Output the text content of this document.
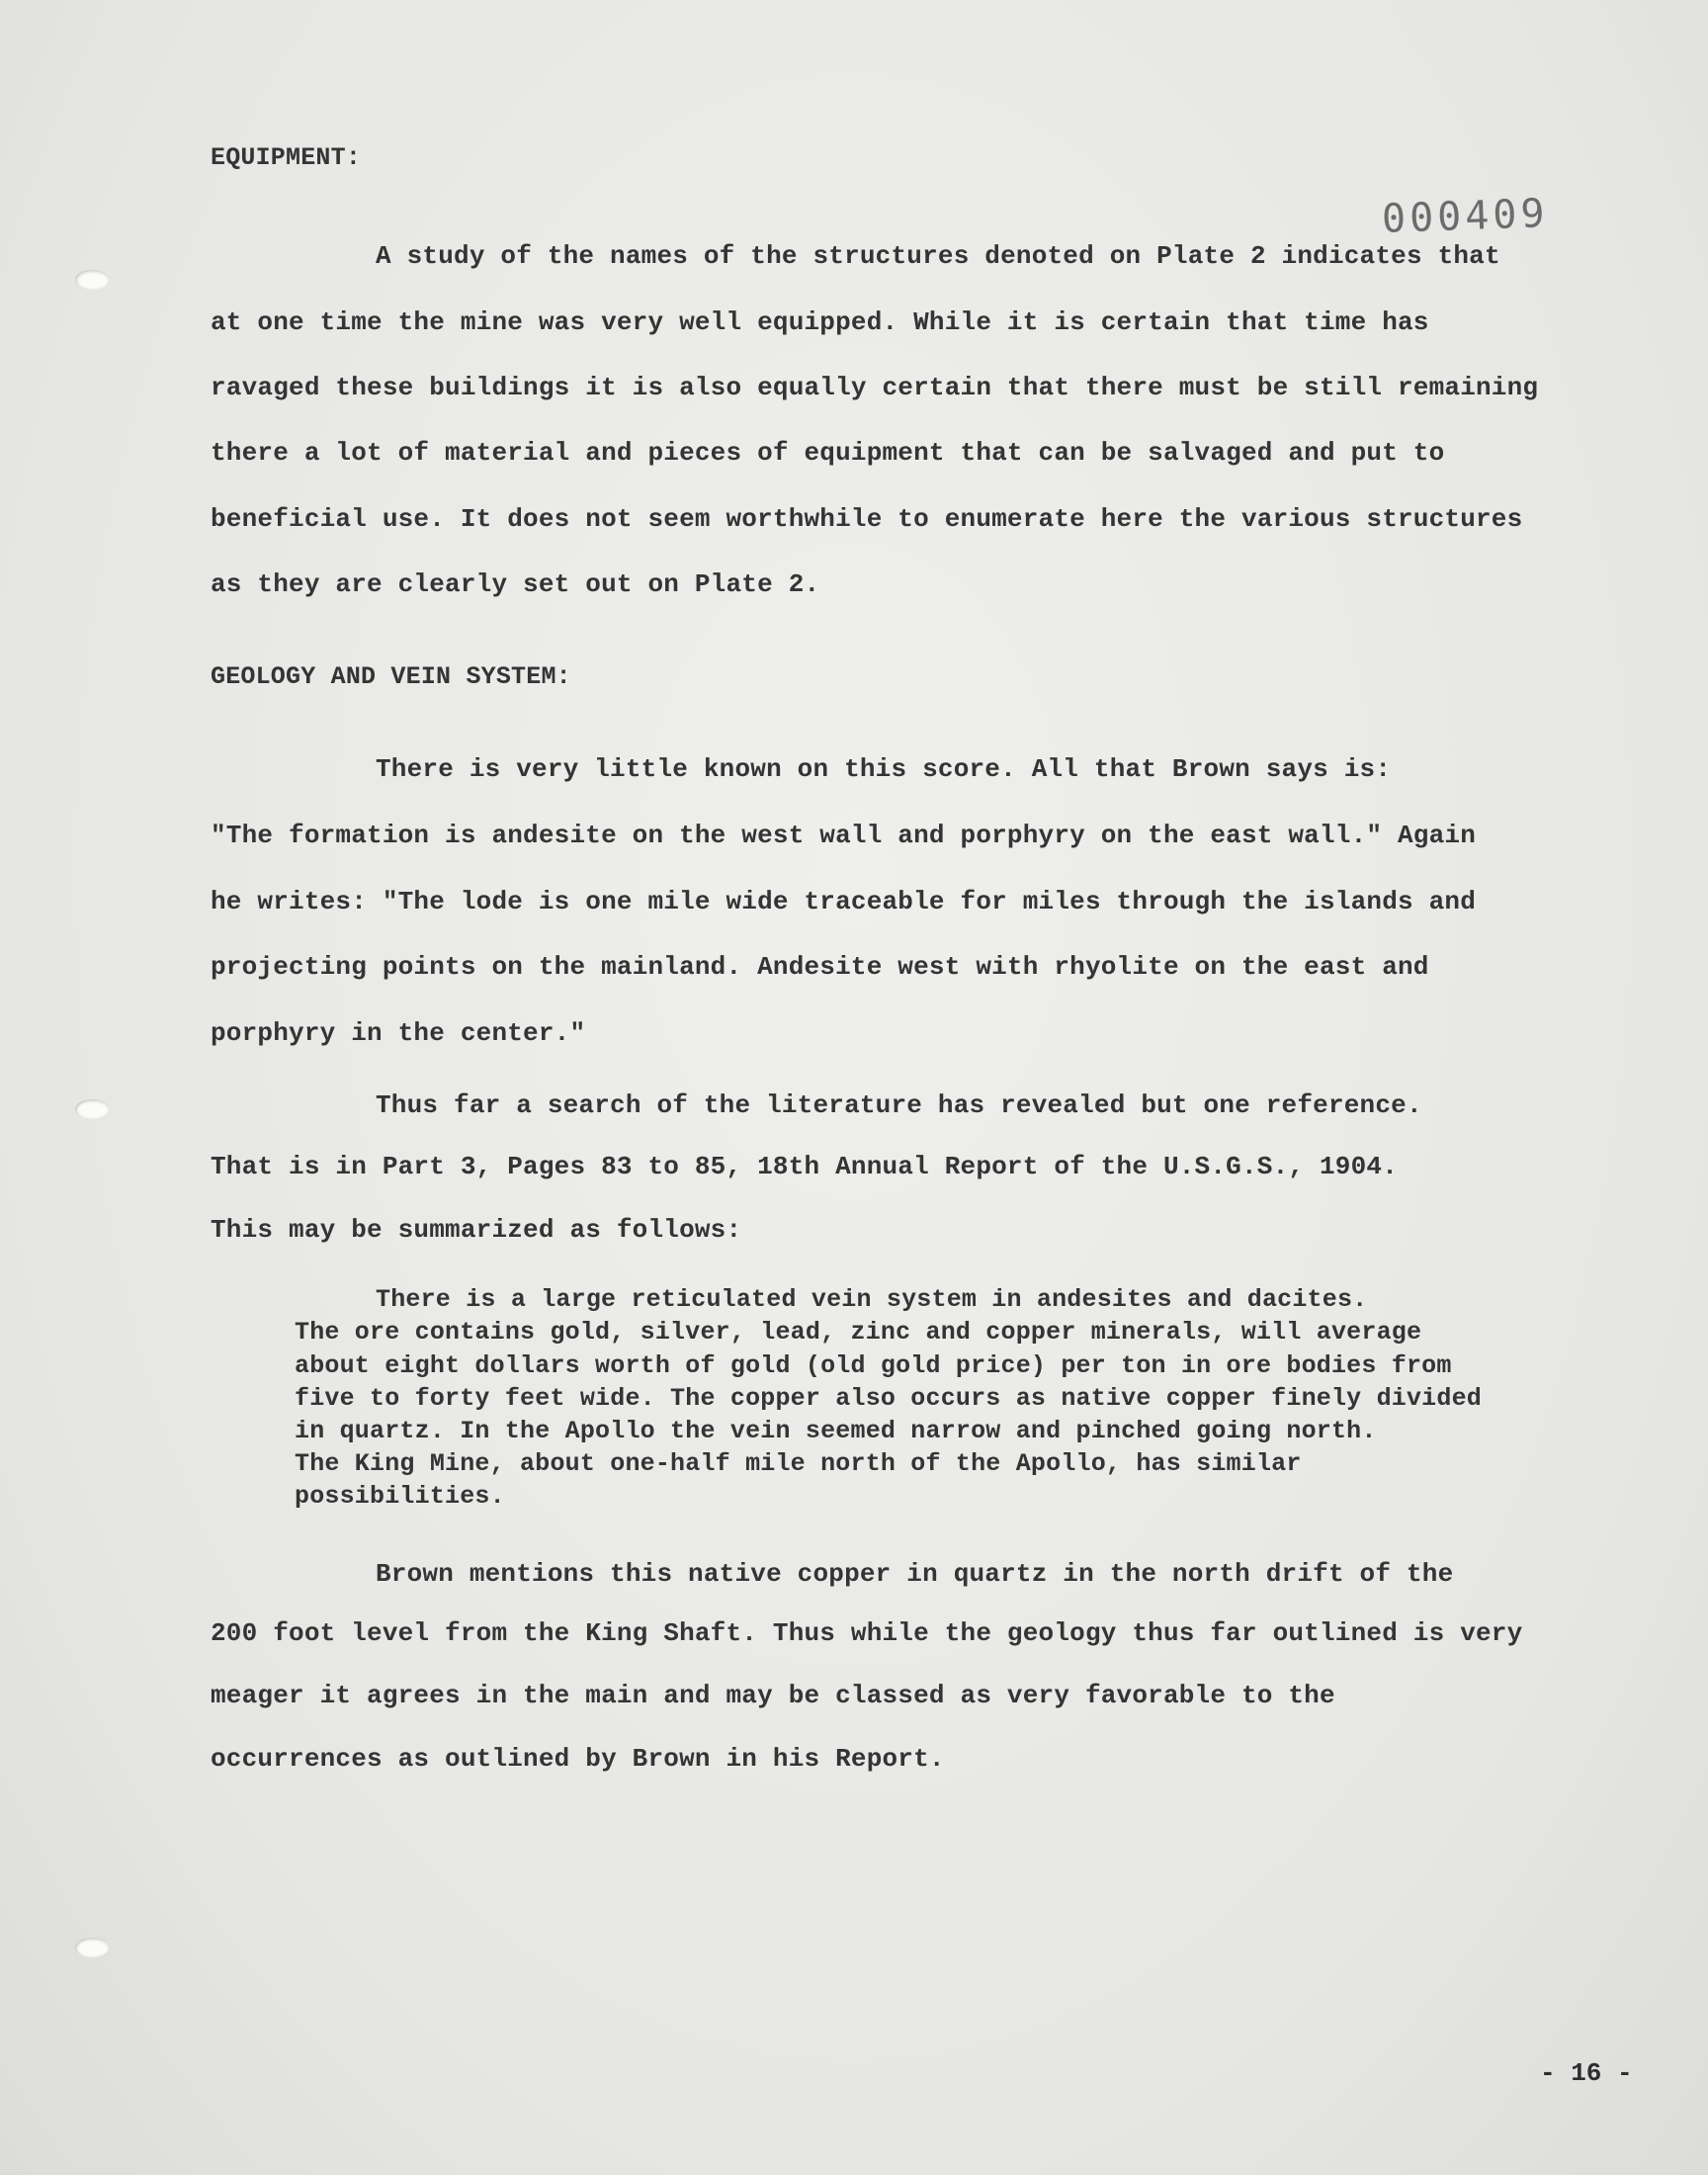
000409
EQUIPMENT:
A study of the names of the structures denoted on Plate 2 indicates that
at one time the mine was very well equipped. While it is certain that time has
ravaged these buildings it is also equally certain that there must be still remaining
there a lot of material and pieces of equipment that can be salvaged and put to
beneficial use. It does not seem worthwhile to enumerate here the various structures
as they are clearly set out on Plate 2.
GEOLOGY AND VEIN SYSTEM:
There is very little known on this score. All that Brown says is:
"The formation is andesite on the west wall and porphyry on the east wall." Again
he writes: "The lode is one mile wide traceable for miles through the islands and
projecting points on the mainland. Andesite west with rhyolite on the east and
porphyry in the center."
Thus far a search of the literature has revealed but one reference.
That is in Part 3, Pages 83 to 85, 18th Annual Report of the U.S.G.S., 1904.
This may be summarized as follows:
There is a large reticulated vein system in andesites and dacites.
The ore contains gold, silver, lead, zinc and copper minerals, will average
about eight dollars worth of gold (old gold price) per ton in ore bodies from
five to forty feet wide. The copper also occurs as native copper finely divided
in quartz. In the Apollo the vein seemed narrow and pinched going north.
The King Mine, about one-half mile north of the Apollo, has similar
possibilities.
Brown mentions this native copper in quartz in the north drift of the
200 foot level from the King Shaft. Thus while the geology thus far outlined is very
meager it agrees in the main and may be classed as very favorable to the
occurrences as outlined by Brown in his Report.
- 16 -
